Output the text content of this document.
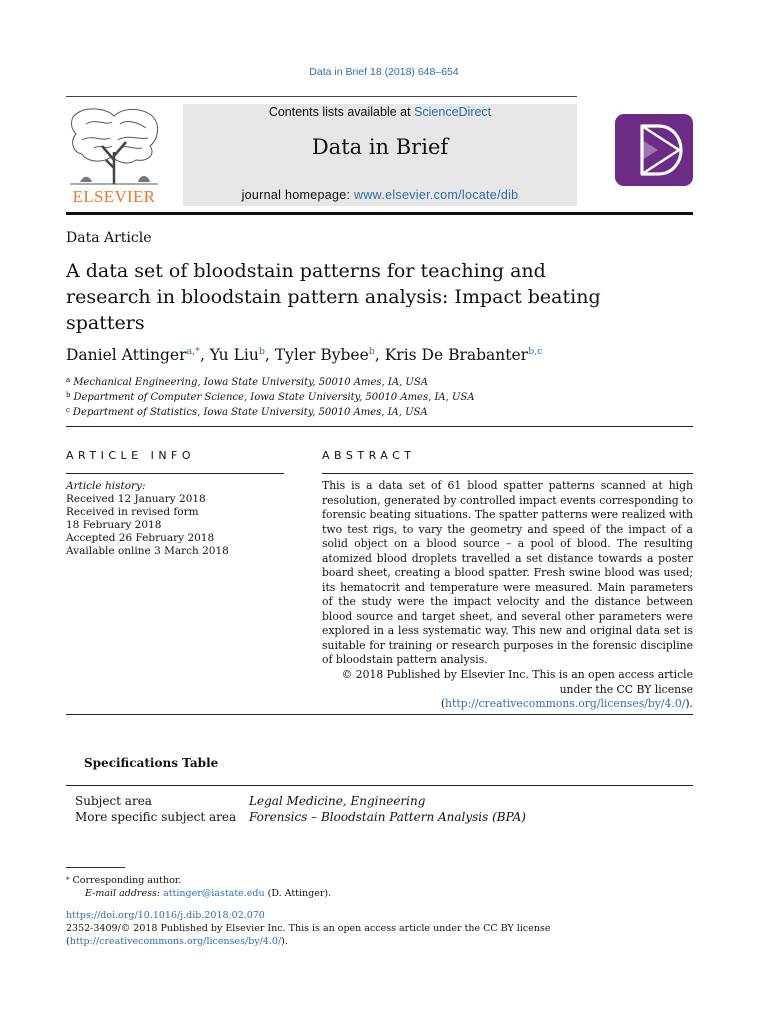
Data in Brief 18 (2018) 648–654
ELSEVIER
Contents lists available at ScienceDirect
Data in Brief
journal homepage: www.elsevier.com/locate/dib
Data Article
A data set of bloodstain patterns for teaching and research in bloodstain pattern analysis: Impact beating spatters
Daniel Attinger$^{a,*}$, Yu Liu$^b$, Tyler Bybee$^b$, Kris De Brabanter$^{b,c}$
$^a$ Mechanical Engineering, Iowa State University, 50010 Ames, IA, USA
$^b$ Department of Computer Science, Iowa State University, 50010 Ames, IA, USA
$^c$ Department of Statistics, Iowa State University, 50010 Ames, IA, USA
ARTICLE INFO
Article history:
Received 12 January 2018
Received in revised form
18 February 2018
Accepted 26 February 2018
Available online 3 March 2018
ABSTRACT
This is a data set of 61 blood spatter patterns scanned at high resolution, generated by controlled impact events corresponding to forensic beating situations. The spatter patterns were realized with two test rigs, to vary the geometry and speed of the impact of a solid object on a blood source – a pool of blood. The resulting atomized blood droplets travelled a set distance towards a poster board sheet, creating a blood spatter. Fresh swine blood was used; its hematocrit and temperature were measured. Main parameters of the study were the impact velocity and the distance between blood source and target sheet, and several other parameters were explored in a less systematic way. This new and original data set is suitable for training or research purposes in the forensic discipline of bloodstain pattern analysis.
© 2018 Published by Elsevier Inc. This is an open access article
under the CC BY license
(http://creativecommons.org/licenses/by/4.0/).
Specifications Table
Subject area	Legal Medicine, Engineering
More specific subject area	Forensics – Bloodstain Pattern Analysis (BPA)
⁎ Corresponding author.
E-mail address: attinger@iastate.edu (D. Attinger).
https://doi.org/10.1016/j.dib.2018.02.070
2352-3409/© 2018 Published by Elsevier Inc. This is an open access article under the CC BY license
(http://creativecommons.org/licenses/by/4.0/).
